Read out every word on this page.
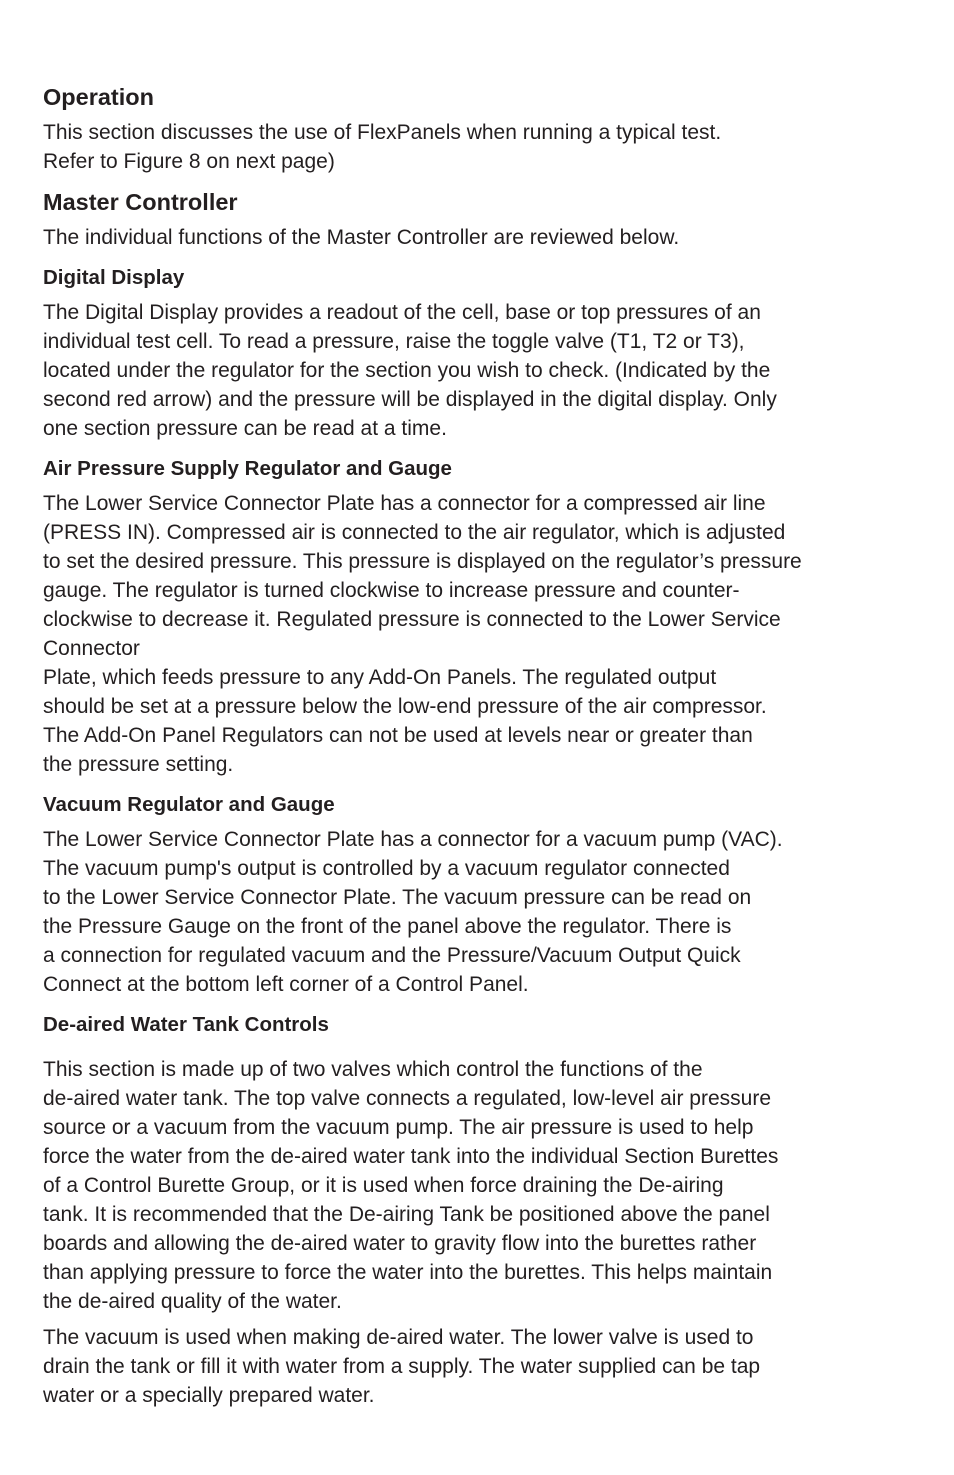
Operation

This section discusses the use of FlexPanels when running a typical test.
Refer to Figure 8 on next page)

Master Controller

The individual functions of the Master Controller are reviewed below.

Digital Display

The Digital Display provides a readout of the cell, base or top pressures of an
individual test cell. To read a pressure, raise the toggle valve (T1, T2 or T3),
located under the regulator for the section you wish to check. (Indicated by the
second red arrow) and the pressure will be displayed in the digital display. Only
one section pressure can be read at a time.

Air Pressure Supply Regulator and Gauge

The Lower Service Connector Plate has a connector for a compressed air line
(PRESS IN). Compressed air is connected to the air regulator, which is adjusted
to set the desired pressure. This pressure is displayed on the regulator’s pressure
gauge. The regulator is turned clockwise to increase pressure and counter-
clockwise to decrease it. Regulated pressure is connected to the Lower Service
Connector
Plate, which feeds pressure to any Add-On Panels. The regulated output
should be set at a pressure below the low-end pressure of the air compressor.
The Add-On Panel Regulators can not be used at levels near or greater than
the pressure setting.

Vacuum Regulator and Gauge

The Lower Service Connector Plate has a connector for a vacuum pump (VAC).
The vacuum pump's output is controlled by a vacuum regulator connected
to the Lower Service Connector Plate. The vacuum pressure can be read on
the Pressure Gauge on the front of the panel above the regulator. There is
a connection for regulated vacuum and the Pressure/Vacuum Output Quick
Connect at the bottom left corner of a Control Panel.

De-aired Water Tank Controls

This section is made up of two valves which control the functions of the
de-aired water tank. The top valve connects a regulated, low-level air pressure
source or a vacuum from the vacuum pump. The air pressure is used to help
force the water from the de-aired water tank into the individual Section Burettes
of a Control Burette Group, or it is used when force draining the De-airing
tank. It is recommended that the De-airing Tank be positioned above the panel
boards and allowing the de-aired water to gravity flow into the burettes rather
than applying pressure to force the water into the burettes. This helps maintain
the de-aired quality of the water.

The vacuum is used when making de-aired water. The lower valve is used to
drain the tank or fill it with water from a supply. The water supplied can be tap
water or a specially prepared water.
